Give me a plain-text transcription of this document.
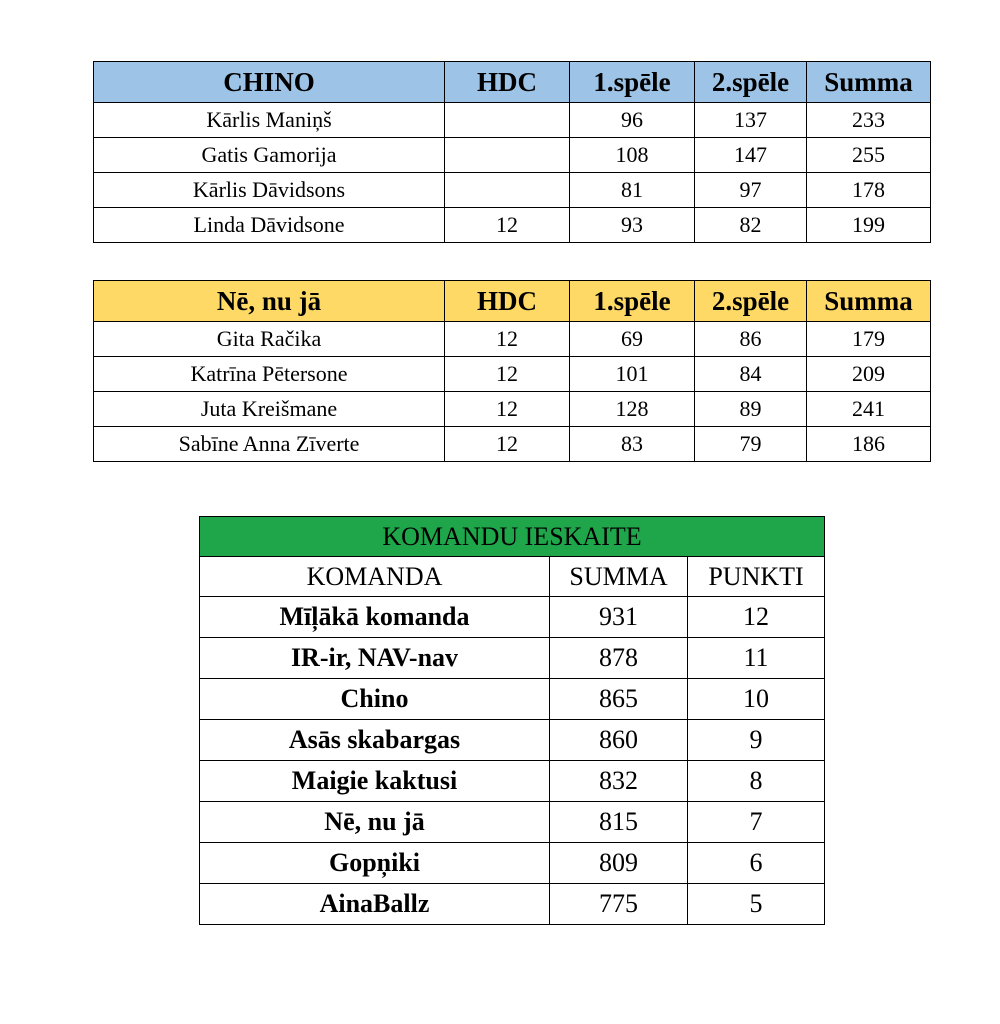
CHINO	HDC	1.spēle	2.spēle	Summa
Kārlis Maniņš		96	137	233
Gatis Gamorija		108	147	255
Kārlis Dāvidsons		81	97	178
Linda Dāvidsone	12	93	82	199
Nē, nu jā	HDC	1.spēle	2.spēle	Summa
Gita Račika	12	69	86	179
Katrīna Pētersone	12	101	84	209
Juta Kreišmane	12	128	89	241
Sabīne Anna Zīverte	12	83	79	186
KOMANDU IESKAITE		
KOMANDA	SUMMA	PUNKTI
Mīļākā komanda	931	12
IR-ir, NAV-nav	878	11
Chino	865	10
Asās skabargas	860	9
Maigie kaktusi	832	8
Nē, nu jā	815	7
Gopņiki	809	6
AinaBallz	775	5
